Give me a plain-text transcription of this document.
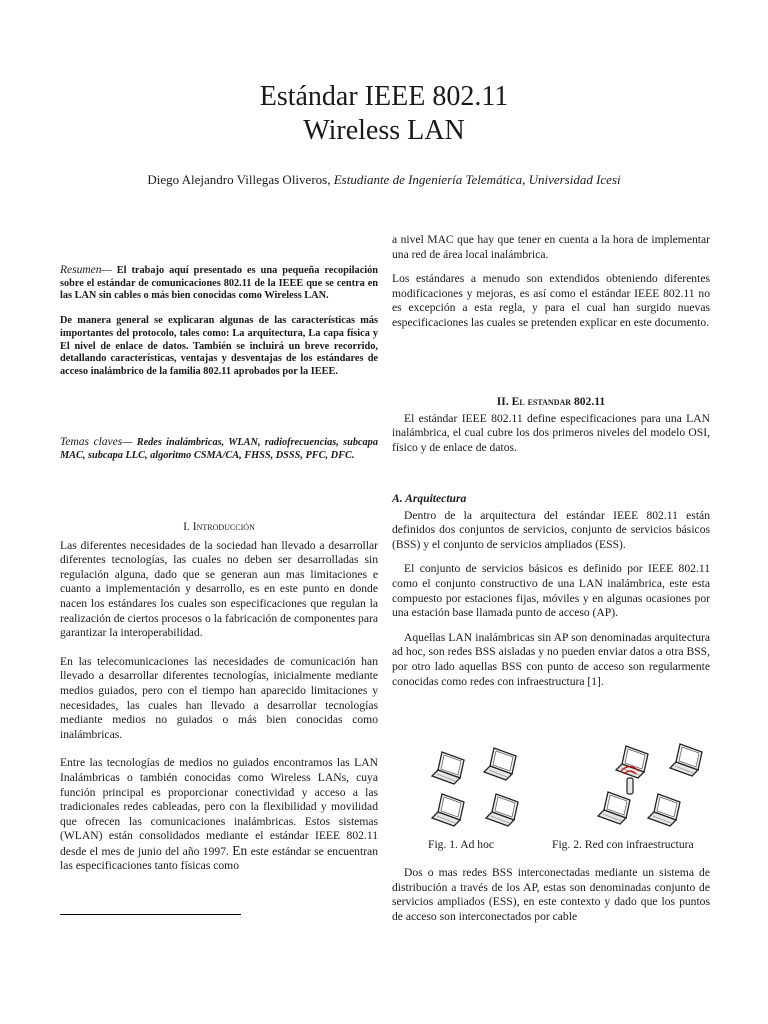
Estándar IEEE 802.11
Wireless LAN
Diego Alejandro Villegas Oliveros, Estudiante de Ingeniería Telemática, Universidad Icesi

Resumen— El trabajo aquí presentado es una pequeña recopilación sobre el estándar de comunicaciones 802.11 de la IEEE que se centra en las LAN sin cables o más bien conocidas como Wireless LAN.

De manera general se explicaran algunas de las características más importantes del protocolo, tales como: La arquitectura, La capa física y El nivel de enlace de datos. También se incluirá un breve recorrido, detallando características, ventajas y desventajas de los estándares de acceso inalámbrico de la familia 802.11 aprobados por la IEEE.

Temas claves— Redes inalámbricas, WLAN, radiofrecuencias, subcapa MAC, subcapa LLC, algoritmo CSMA/CA, FHSS, DSSS, PFC, DFC.

I. Introducción

Las diferentes necesidades de la sociedad han llevado a desarrollar diferentes tecnologías, las cuales no deben ser desarrolladas sin regulación alguna, dado que se generan aun mas limitaciones e cuanto a implementación y desarrollo, es en este punto en donde nacen los estándares los cuales son especificaciones que regulan la realización de ciertos procesos o la fabricación de componentes para garantizar la interoperabilidad.

En las telecomunicaciones las necesidades de comunicación han llevado a desarrollar diferentes tecnologías, inicialmente mediante medios guiados, pero con el tiempo han aparecido limitaciones y necesidades, las cuales han llevado a desarrollar tecnologías mediante medios no guiados o más bien conocidas como inalámbricas.

Entre las tecnologías de medios no guiados encontramos las LAN Inalámbricas o también conocidas como Wireless LANs, cuya función principal es proporcionar conectividad y acceso a las tradicionales redes cableadas, pero con la flexibilidad y movilidad que ofrecen las comunicaciones inalámbricas. Estos sistemas (WLAN) están consolidados mediante el estándar IEEE 802.11 desde el mes de junio del año 1997. En este estándar se encuentran las especificaciones tanto físicas como

a nivel MAC que hay que tener en cuenta a la hora de implementar una red de área local inalámbrica.

Los estándares a menudo son extendidos obteniendo diferentes modificaciones y mejoras, es así como el estándar IEEE 802.11 no es excepción a esta regla, y para el cual han surgido nuevas especificaciones las cuales se pretenden explicar en este documento.

II. El estandar 802.11

El estándar IEEE 802.11 define especificaciones para una LAN inalámbrica, el cual cubre los dos primeros niveles del modelo OSI, físico y de enlace de datos.

A. Arquitectura

Dentro de la arquitectura del estándar IEEE 802.11 están definidos dos conjuntos de servicios, conjunto de servicios básicos (BSS) y el conjunto de servicios ampliados (ESS).

El conjunto de servicios básicos es definido por IEEE 802.11 como el conjunto constructivo de una LAN inalámbrica, este esta compuesto por estaciones fijas, móviles y en algunas ocasiones por una estación base llamada punto de acceso (AP).

Aquellas LAN inalámbricas sin AP son denominadas arquitectura ad hoc, son redes BSS aisladas y no pueden enviar datos a otra BSS, por otro lado aquellas BSS con punto de acceso son regularmente conocidas como redes con infraestructura [1].

Fig. 1. Ad hoc	Fig. 2. Red con infraestructura

Dos o mas redes BSS interconectadas mediante un sistema de distribución a través de los AP, estas son denominadas conjunto de servicios ampliados (ESS), en este contexto y dado que los puntos de acceso son interconectados por cable
